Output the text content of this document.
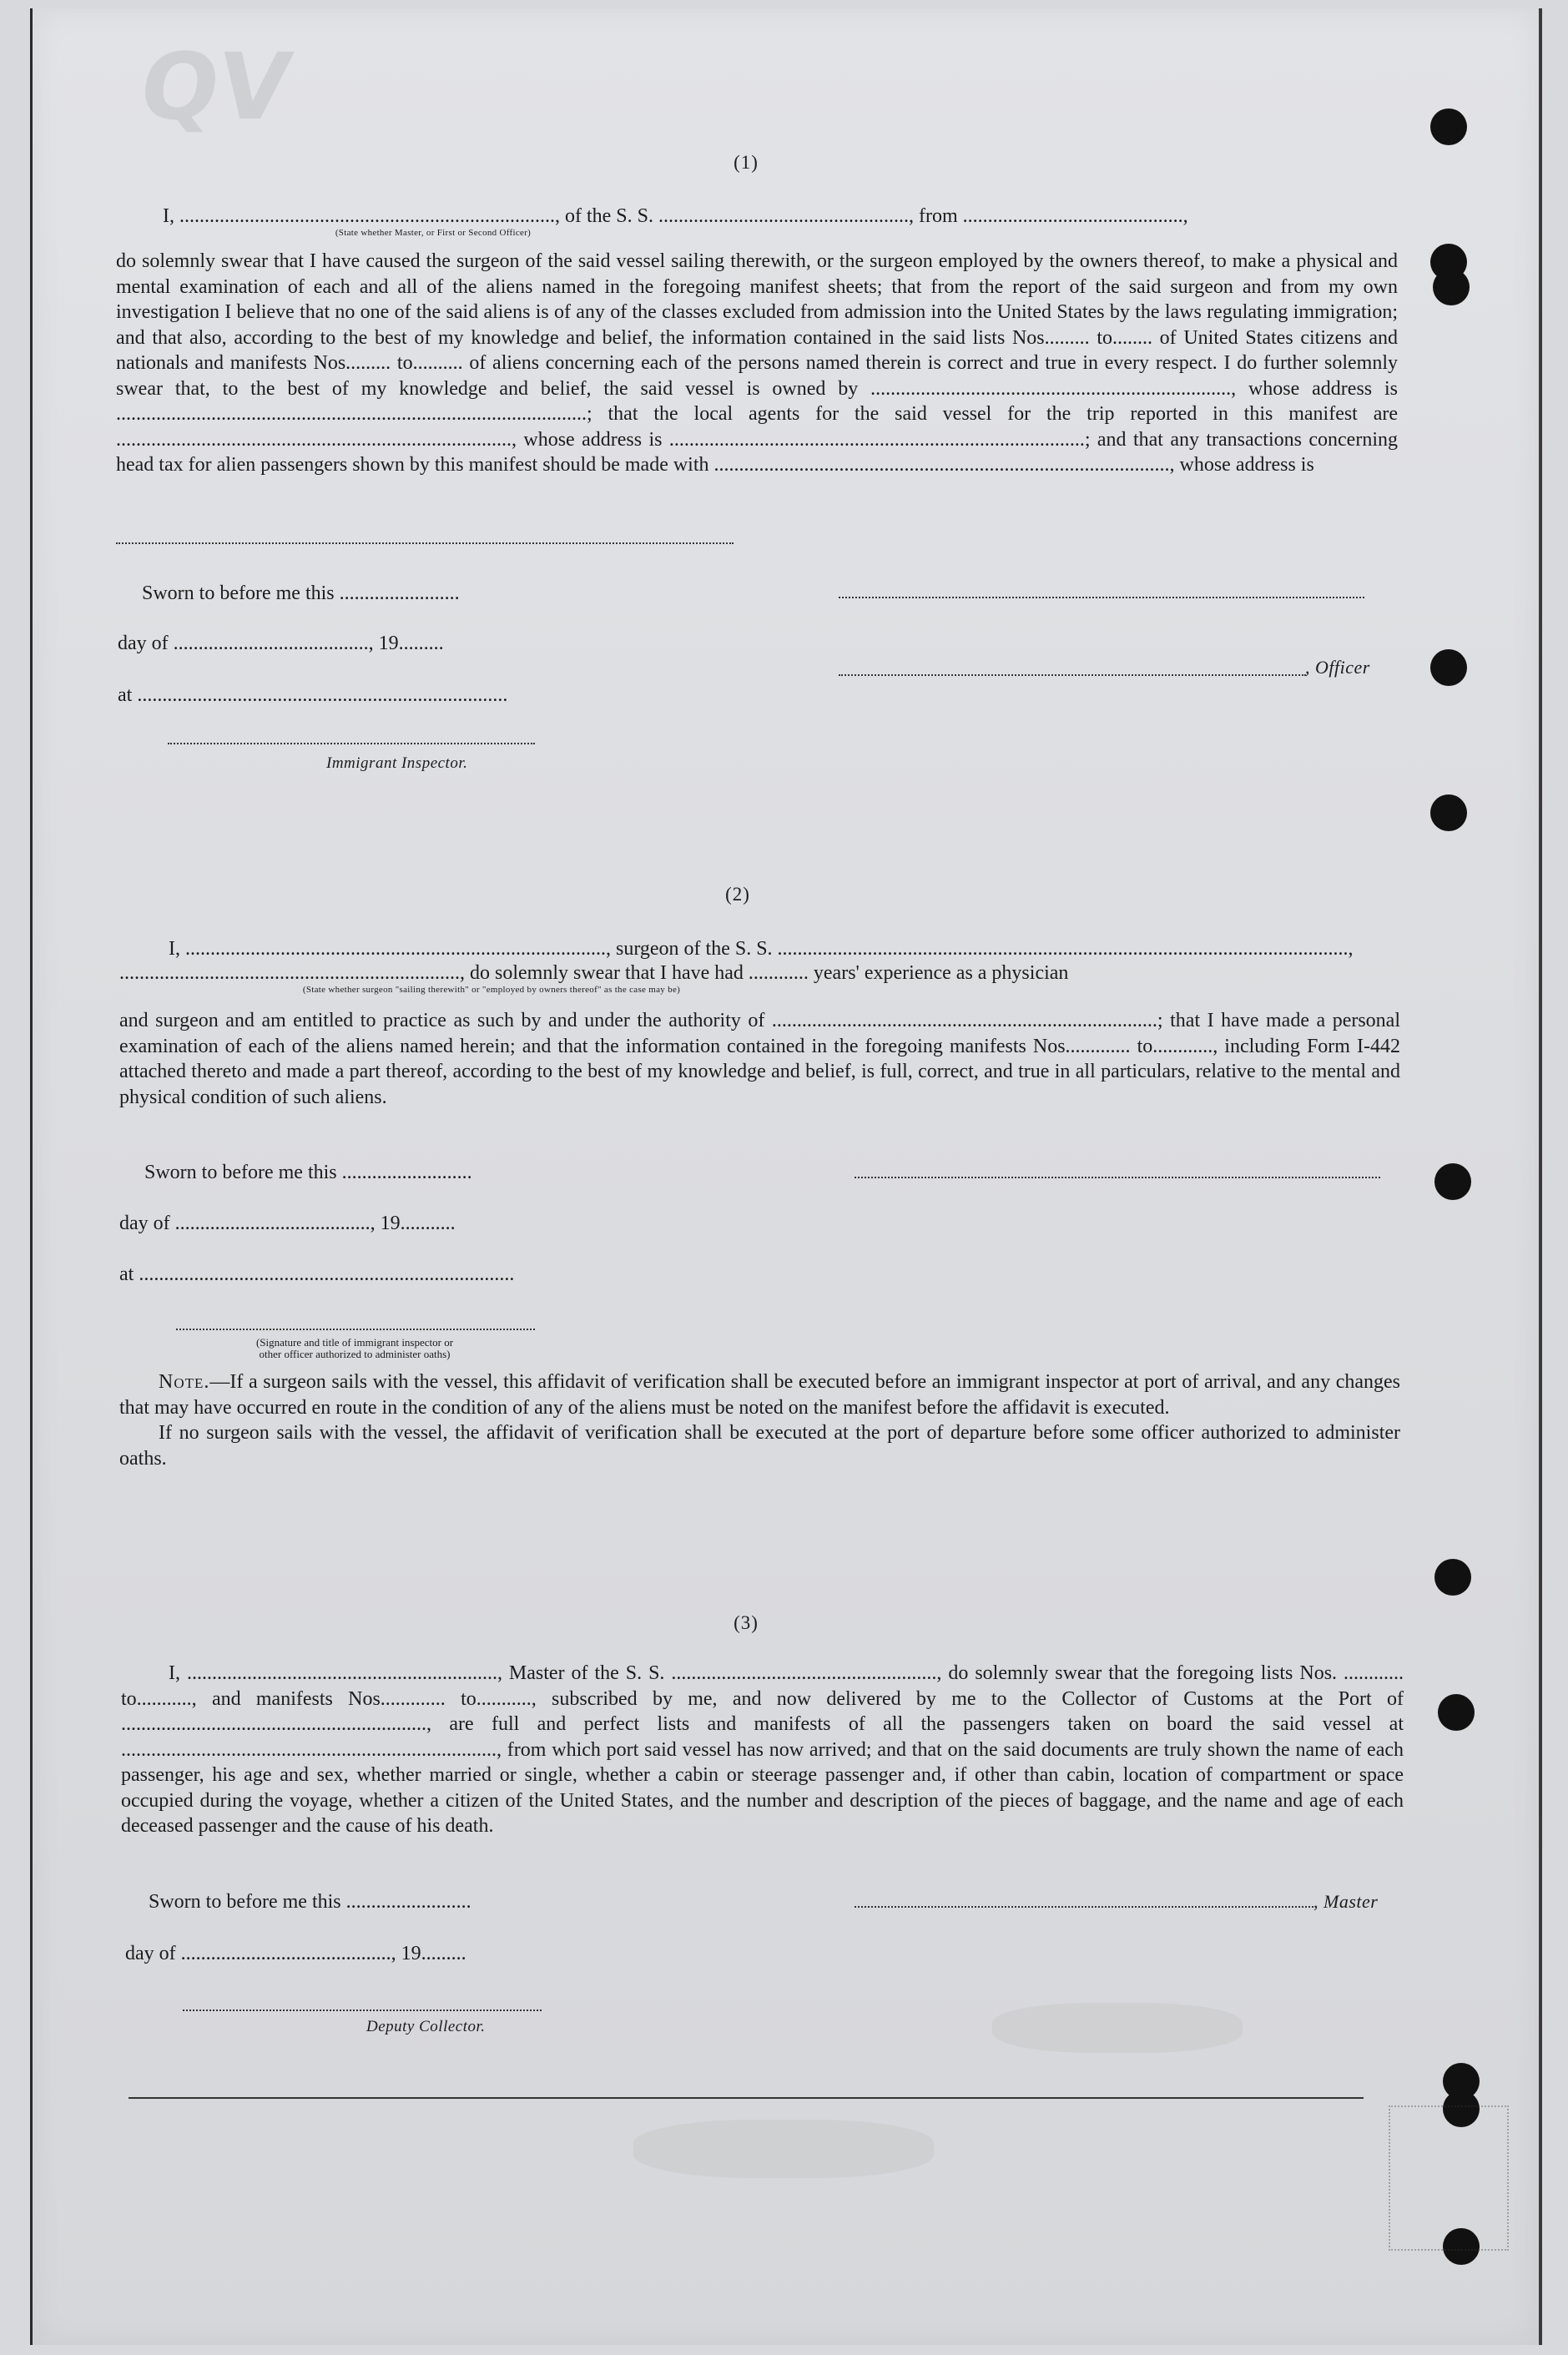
QV
(1)
I, ..........................................................................., of the S. S. .................................................., from ............................................,
(State whether Master, or First or Second Officer)
do solemnly swear that I have caused the surgeon of the said vessel sailing therewith, or the surgeon employed by the owners thereof, to make a physical and mental examination of each and all of the aliens named in the foregoing manifest sheets; that from the report of the said surgeon and from my own investigation I believe that no one of the said aliens is of any of the classes excluded from admission into the United States by the laws regulating immigration; and that also, according to the best of my knowledge and belief, the information contained in the said lists Nos......... to........ of United States citizens and nationals and manifests Nos......... to.......... of aliens concerning each of the persons named therein is correct and true in every respect. I do further solemnly swear that, to the best of my knowledge and belief, the said vessel is owned by ........................................................................, whose address is ..............................................................................................; that the local agents for the said vessel for the trip reported in this manifest are ..............................................................................., whose address is ...................................................................................; and that any transactions concerning head tax for alien passengers shown by this manifest should be made with ..........................................................................................., whose address is
Sworn to before me this ........................
day of ......................................., 19.........
at ..........................................................................
Immigrant Inspector.
, Officer
(2)
I, ...................................................................................., surgeon of the S. S. ..................................................................................................................,
...................................................................., do solemnly swear that I have had ............ years' experience as a physician
(State whether surgeon "sailing therewith" or "employed by owners thereof" as the case may be)
and surgeon and am entitled to practice as such by and under the authority of .............................................................................; that I have made a personal examination of each of the aliens named herein; and that the information contained in the foregoing manifests Nos............. to............, including Form I-442 attached thereto and made a part thereof, according to the best of my knowledge and belief, is full, correct, and true in all particulars, relative to the mental and physical condition of such aliens.
Sworn to before me this ..........................
day of ......................................., 19...........
at ...........................................................................
(Signature and title of immigrant inspector or
other officer authorized to administer oaths)

Note.—If a surgeon sails with the vessel, this affidavit of verification shall be executed before an immigrant inspector at port of arrival, and any changes that may have occurred en route in the condition of any of the aliens must be noted on the manifest before the affidavit is executed.

If no surgeon sails with the vessel, the affidavit of verification shall be executed at the port of departure before some officer authorized to administer oaths.

(3)
I, .............................................................., Master of the S. S. ....................................................., do solemnly swear that the foregoing lists Nos. ............ to..........., and manifests Nos............. to..........., subscribed by me, and now delivered by me to the Collector of Customs at the Port of ............................................................., are full and perfect lists and manifests of all the passengers taken on board the said vessel at ..........................................................................., from which port said vessel has now arrived; and that on the said documents are truly shown the name of each passenger, his age and sex, whether married or single, whether a cabin or steerage passenger and, if other than cabin, location of compartment or space occupied during the voyage, whether a citizen of the United States, and the number and description of the pieces of baggage, and the name and age of each deceased passenger and the cause of his death.
Sworn to before me this .........................
day of .........................................., 19.........
Deputy Collector.
, Master
